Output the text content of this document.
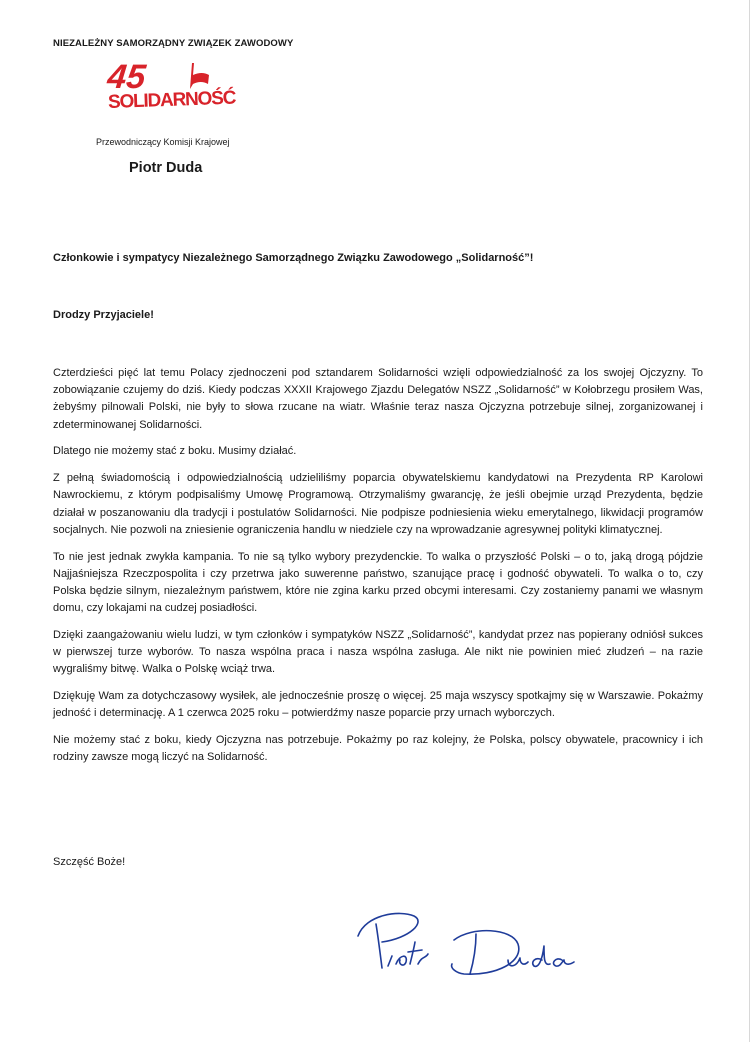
NIEZALEŻNY SAMORZĄDNY ZWIĄZEK ZAWODOWY
45
SOLIDARNOŚĆ
Przewodniczący Komisji Krajowej
Piotr Duda
Członkowie i sympatycy Niezależnego Samorządnego Związku Zawodowego „Solidarność”!
Drodzy Przyjaciele!

Czterdzieści pięć lat temu Polacy zjednoczeni pod sztandarem Solidarności wzięli odpowiedzialność za los swojej Ojczyzny. To zobowiązanie czujemy do dziś. Kiedy podczas XXXII Krajowego Zjazdu Delegatów NSZZ „Solidarność” w Kołobrzegu prosiłem Was, żebyśmy pilnowali Polski, nie były to słowa rzucane na wiatr. Właśnie teraz nasza Ojczyzna potrzebuje silnej, zorganizowanej i zdeterminowanej Solidarności.

Dlatego nie możemy stać z boku. Musimy działać.

Z pełną świadomością i odpowiedzialnością udzieliliśmy poparcia obywatelskiemu kandydatowi na Prezydenta RP Karolowi Nawrockiemu, z którym podpisaliśmy Umowę Programową. Otrzymaliśmy gwarancję, że jeśli obejmie urząd Prezydenta, będzie działał w poszanowaniu dla tradycji i postulatów Solidarności. Nie podpisze podniesienia wieku emerytalnego, likwidacji programów socjalnych. Nie pozwoli na zniesienie ograniczenia handlu w niedziele czy na wprowadzanie agresywnej polityki klimatycznej.

To nie jest jednak zwykła kampania. To nie są tylko wybory prezydenckie. To walka o przyszłość Polski – o to, jaką drogą pójdzie Najjaśniejsza Rzeczpospolita i czy przetrwa jako suwerenne państwo, szanujące pracę i godność obywateli. To walka o to, czy Polska będzie silnym, niezależnym państwem, które nie zgina karku przed obcymi interesami. Czy zostaniemy panami we własnym domu, czy lokajami na cudzej posiadłości.

Dzięki zaangażowaniu wielu ludzi, w tym członków i sympatyków NSZZ „Solidarność”, kandydat przez nas popierany odniósł sukces w pierwszej turze wyborów. To nasza wspólna praca i nasza wspólna zasługa. Ale nikt nie powinien mieć złudzeń – na razie wygraliśmy bitwę. Walka o Polskę wciąż trwa.

Dziękuję Wam za dotychczasowy wysiłek, ale jednocześnie proszę o więcej. 25 maja wszyscy spotkajmy się w Warszawie. Pokażmy jedność i determinację. A 1 czerwca 2025 roku – potwierdźmy nasze poparcie przy urnach wyborczych.

Nie możemy stać z boku, kiedy Ojczyzna nas potrzebuje. Pokażmy po raz kolejny, że Polska, polscy obywatele, pracownicy i ich rodziny zawsze mogą liczyć na Solidarność.

Szczęść Boże!
